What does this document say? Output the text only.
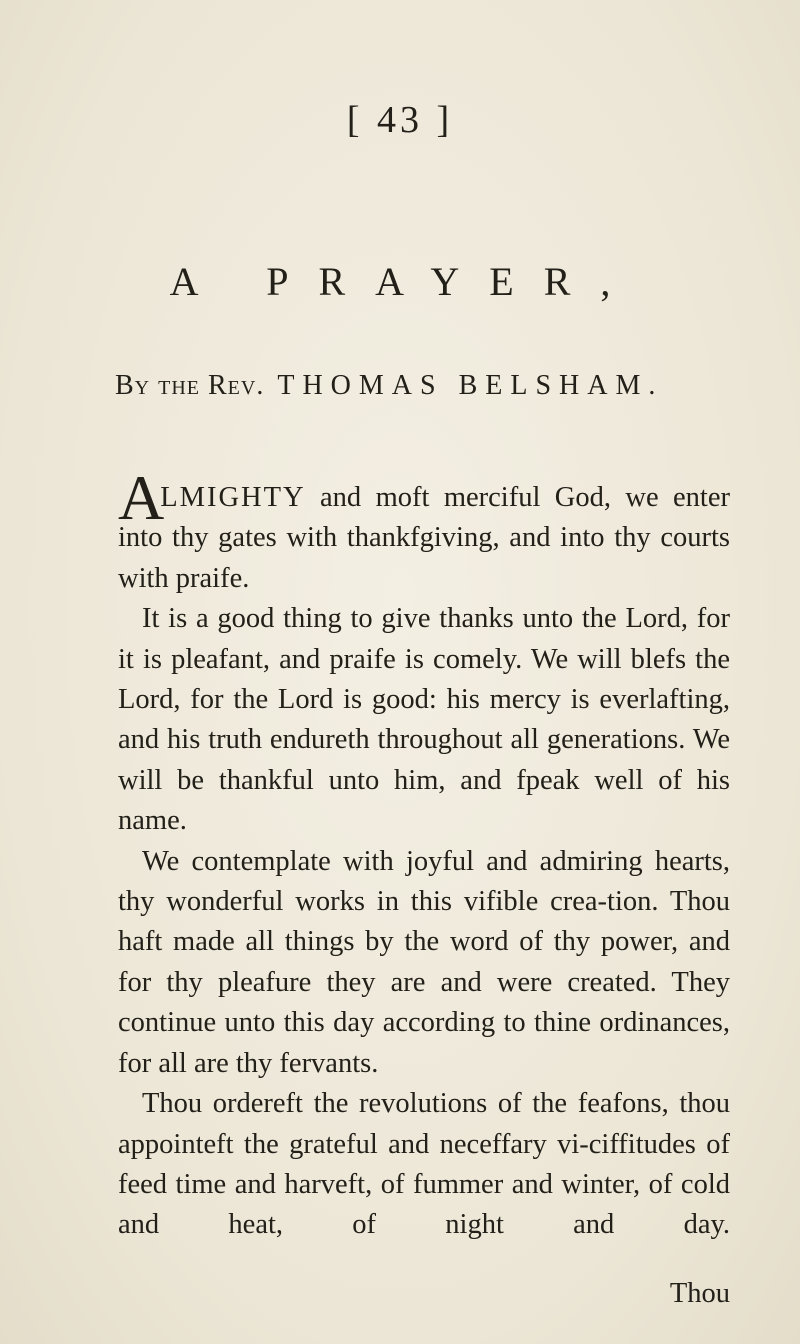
[ 43 ]
A PRAYER,
By the Rev. THOMAS BELSHAM.

ALMIGHTY and moft merciful God, we enter into thy gates with thankfgiving, and into thy courts with praife.

It is a good thing to give thanks unto the Lord, for it is pleafant, and praife is comely. We will blefs the Lord, for the Lord is good: his mercy is everlafting, and his truth endureth throughout all generations. We will be thankful unto him, and fpeak well of his name.

We contemplate with joyful and admiring hearts, thy wonderful works in this vifible crea-tion. Thou haft made all things by the word of thy power, and for thy pleafure they are and were created. They continue unto this day according to thine ordinances, for all are thy fervants.

Thou ordereft the revolutions of the feafons, thou appointeft the grateful and neceffary vi-ciffitudes of feed time and harveft, of fummer and winter, of cold and heat, of night and day.

Thou
